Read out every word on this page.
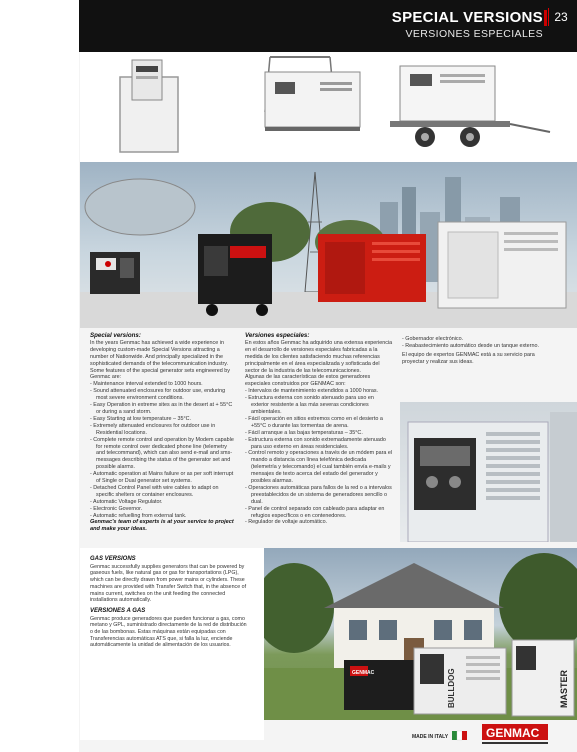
SPECIAL VERSIONS
VERSIONES ESPECIALES
23

Special versions:

In the years Genmac has achieved a wide experience in developing custom-made Special Versions attracting a number of Nationwide. And principally specialized in the sophisticated demands of the telecommunication industry.

Some features of the special generator sets engineered by Genmac are:

- Maintenance interval extended to 1000 hours.

- Sound attenuated enclosures for outdoor use, enduring most severe environment conditions.

- Easy Operation in extreme sites as in the desert at + 55°C or during a sand storm.

- Easy Starting at low temperature – 35°C.

- Extremely attenuated enclosures for outdoor use in Residential locations.

- Complete remote control and operation by Modem capable for remote control over dedicated phone line (telemetry and telecommand), which can also send e-mail and sms-messages describing the status of the generator set and possible alarms.

- Automatic operation at Mains failure or as per soft interrupt of Single or Dual generator set systems.

- Detached Control Panel with wire cables to adapt on specific shelters or container enclosures.

- Automatic Voltage Regulator.

- Electronic Governor.

- Automatic refuelling from external tank.

Genmac's team of experts is at your service to project and make your ideas.

Versiones especiales:

En estos años Genmac ha adquirido una extensa experiencia en el desarrollo de versiones especiales fabricadas a la medida de los clientes satisfaciendo muchas referencias principalmente en el área especializada y sofisticada del sector de la industria de las telecomunicaciones.

Algunas de las características de estos generadores especiales construidos por GENMAC son:

- Intervalos de mantenimiento extendidos a 1000 horas.

- Estructura externa con sonido atenuado para uso en exterior resistente a las más severas condiciones ambientales.

- Fácil operación en sitios extremos como en el desierto a +55°C o durante las tormentas de arena.

- Fácil arranque a las bajas temperaturas – 35°C.

- Estructura externa con sonido extremadamente atenuado para uso externo en áreas residenciales.

- Control remoto y operaciones a través de un módem para el mando a distancia con línea telefónica dedicada (telemetría y telecomando) el cual también envía e-mails y mensajes de texto acerca del estado del generador y posibles alarmas.

- Operaciones automáticas para fallos de la red o a intervalos preestablecidos de un sistema de generadores sencillo o dual.

- Panel de control separado con cableado para adaptar en refugios específicos o en contenedores.

- Regulador de voltaje automático.

- Gobernador electrónico.

- Reabastecimiento automático desde un tanque externo.

El equipo de expertos GENMAC está a su servicio para proyectar y realizar sus ideas.

GAS VERSIONS

Genmac successfully supplies generators that can be powered by gaseous fuels, like natural gas or gas for transportations (LPG), which can be directly drawn from power mains or cylinders. These machines are provided with Transfer Switch that, in the absence of mains current, switches on the unit feeding the connected installations automatically.

VERSIONES A GAS

Genmac produce generadores que pueden funcionar a gas, como metano y GPL, suministrado directamente de la red de distribución o de las bombonas. Estas máquinas están equipadas con Transferencias automáticas ATS que, si falla la luz, enciende automáticamente la unidad de alimentación de los usuarios.

GENMAC	BULLDOG	MASTER
MADE IN ITALY	GENMAC
